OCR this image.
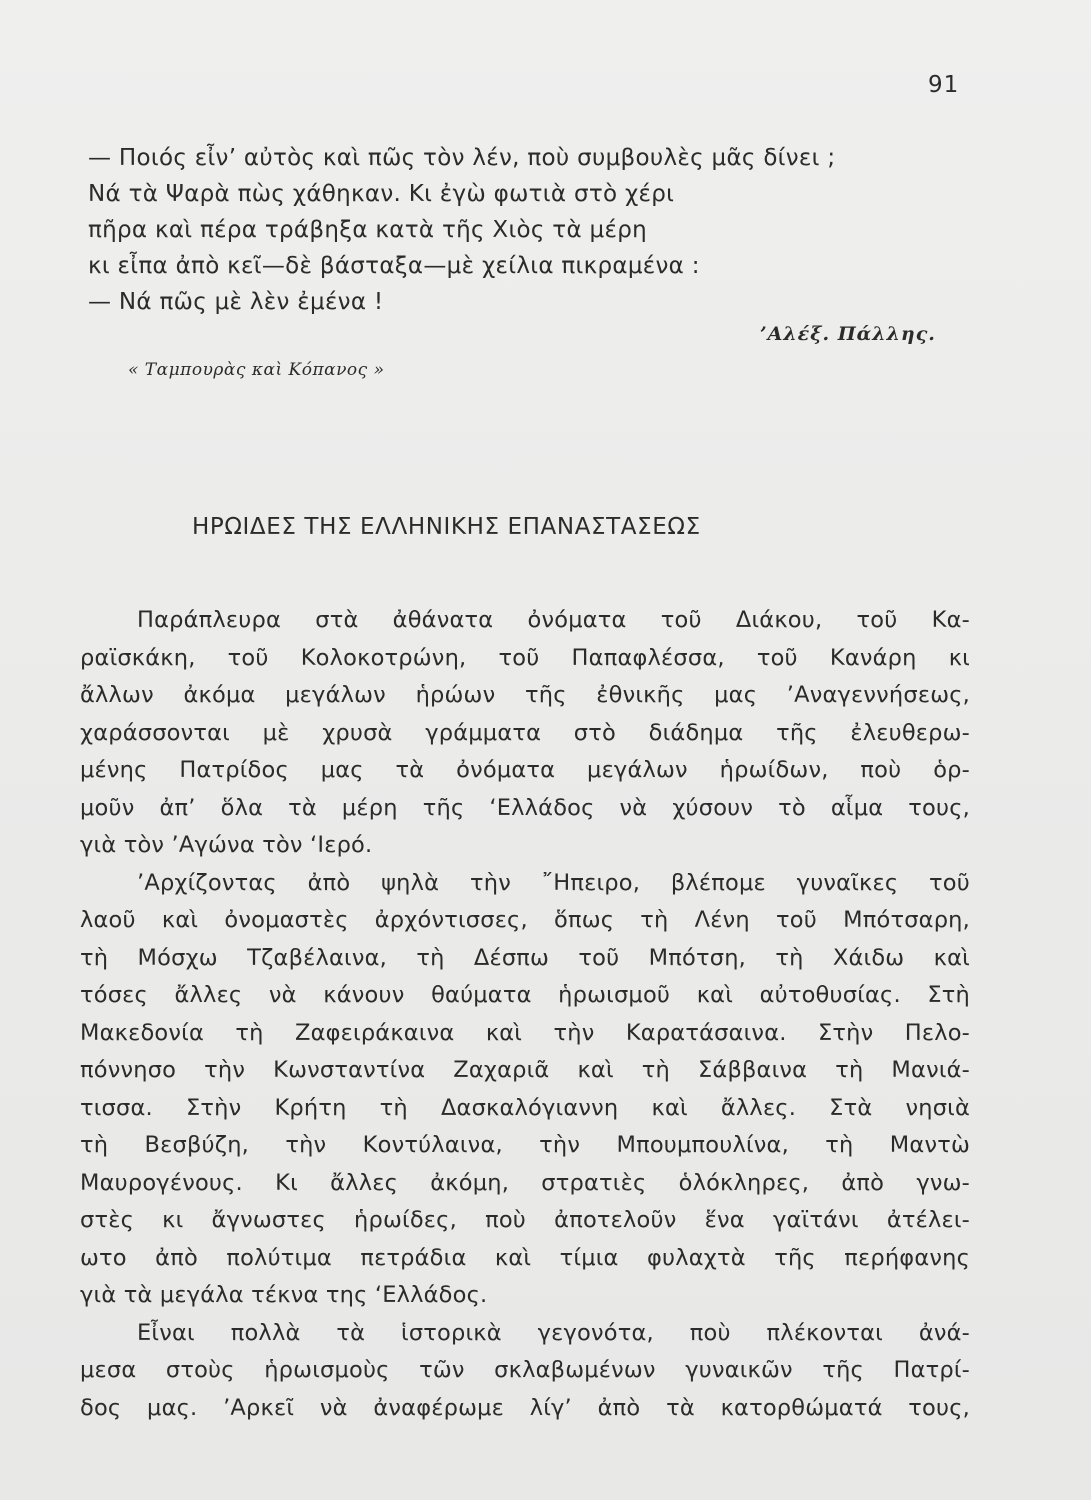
91
— Ποιός εἶν’ αὐτὸς καὶ πῶς τὸν λέν, ποὺ συμβουλὲς μᾶς δίνει ;
Νά τὰ Ψαρὰ πὼς χάθηκαν. Κι ἐγὼ φωτιὰ στὸ χέρι
πῆρα καὶ πέρα τράβηξα κατὰ τῆς Χιὸς τὰ μέρη
κι εἶπα ἀπὸ κεῖ—δὲ βάσταξα—μὲ χείλια πικραμένα :
— Νά πῶς μὲ λὲν ἐμένα !
’Αλέξ. Πάλλης.
« Ταμπουρὰς καὶ Κόπανος »
ΗΡΩΙΔΕΣ ΤΗΣ ΕΛΛΗΝΙΚΗΣ ΕΠΑΝΑΣΤΑΣΕΩΣ
Παράπλευρα στὰ ἀθάνατα ὀνόματα τοῦ Διάκου, τοῦ Κα-
ραϊσκάκη, τοῦ Κολοκοτρώνη, τοῦ Παπαφλέσσα, τοῦ Κανάρη κι
ἄλλων ἀκόμα μεγάλων ἡρώων τῆς ἐθνικῆς μας ’Αναγεννήσεως,
χαράσσονται μὲ χρυσὰ γράμματα στὸ διάδημα τῆς ἐλευθερω-
μένης Πατρίδος μας τὰ ὀνόματα μεγάλων ἡρωίδων, ποὺ ὁρ-
μοῦν ἀπ’ ὅλα τὰ μέρη τῆς ‘Ελλάδος νὰ χύσουν τὸ αἷμα τους,
γιὰ τὸν ’Αγώνα τὸν ‘Ιερό.
’Αρχίζοντας ἀπὸ ψηλὰ τὴν ῎Ηπειρο, βλέπομε γυναῖκες τοῦ
λαοῦ καὶ ὀνομαστὲς ἀρχόντισσες, ὅπως τὴ Λένη τοῦ Μπότσαρη,
τὴ Μόσχω Τζαβέλαινα, τὴ Δέσπω τοῦ Μπότση, τὴ Χάιδω καὶ
τόσες ἄλλες νὰ κάνουν θαύματα ἡρωισμοῦ καὶ αὐτοθυσίας. Στὴ
Μακεδονία τὴ Ζαφειράκαινα καὶ τὴν Καρατάσαινα. Στὴν Πελο-
πόννησο τὴν Κωνσταντίνα Ζαχαριᾶ καὶ τὴ Σάββαινα τὴ Μανιά-
τισσα. Στὴν Κρήτη τὴ Δασκαλόγιαννη καὶ ἄλλες. Στὰ νησιὰ
τὴ Βεσβύζη, τὴν Κοντύλαινα, τὴν Μπουμπουλίνα, τὴ Μαντὼ
Μαυρογένους. Κι ἄλλες ἀκόμη, στρατιὲς ὁλόκληρες, ἀπὸ γνω-
στὲς κι ἄγνωστες ἡρωίδες, ποὺ ἀποτελοῦν ἕνα γαϊτάνι ἀτέλει-
ωτο ἀπὸ πολύτιμα πετράδια καὶ τίμια φυλαχτὰ τῆς περήφανης
γιὰ τὰ μεγάλα τέκνα της ‘Ελλάδος.
Εἶναι πολλὰ τὰ ἱστορικὰ γεγονότα, ποὺ πλέκονται ἀνά-
μεσα στοὺς ἡρωισμοὺς τῶν σκλαβωμένων γυναικῶν τῆς Πατρί-
δος μας. ’Αρκεῖ νὰ ἀναφέρωμε λίγ’ ἀπὸ τὰ κατορθώματά τους,
